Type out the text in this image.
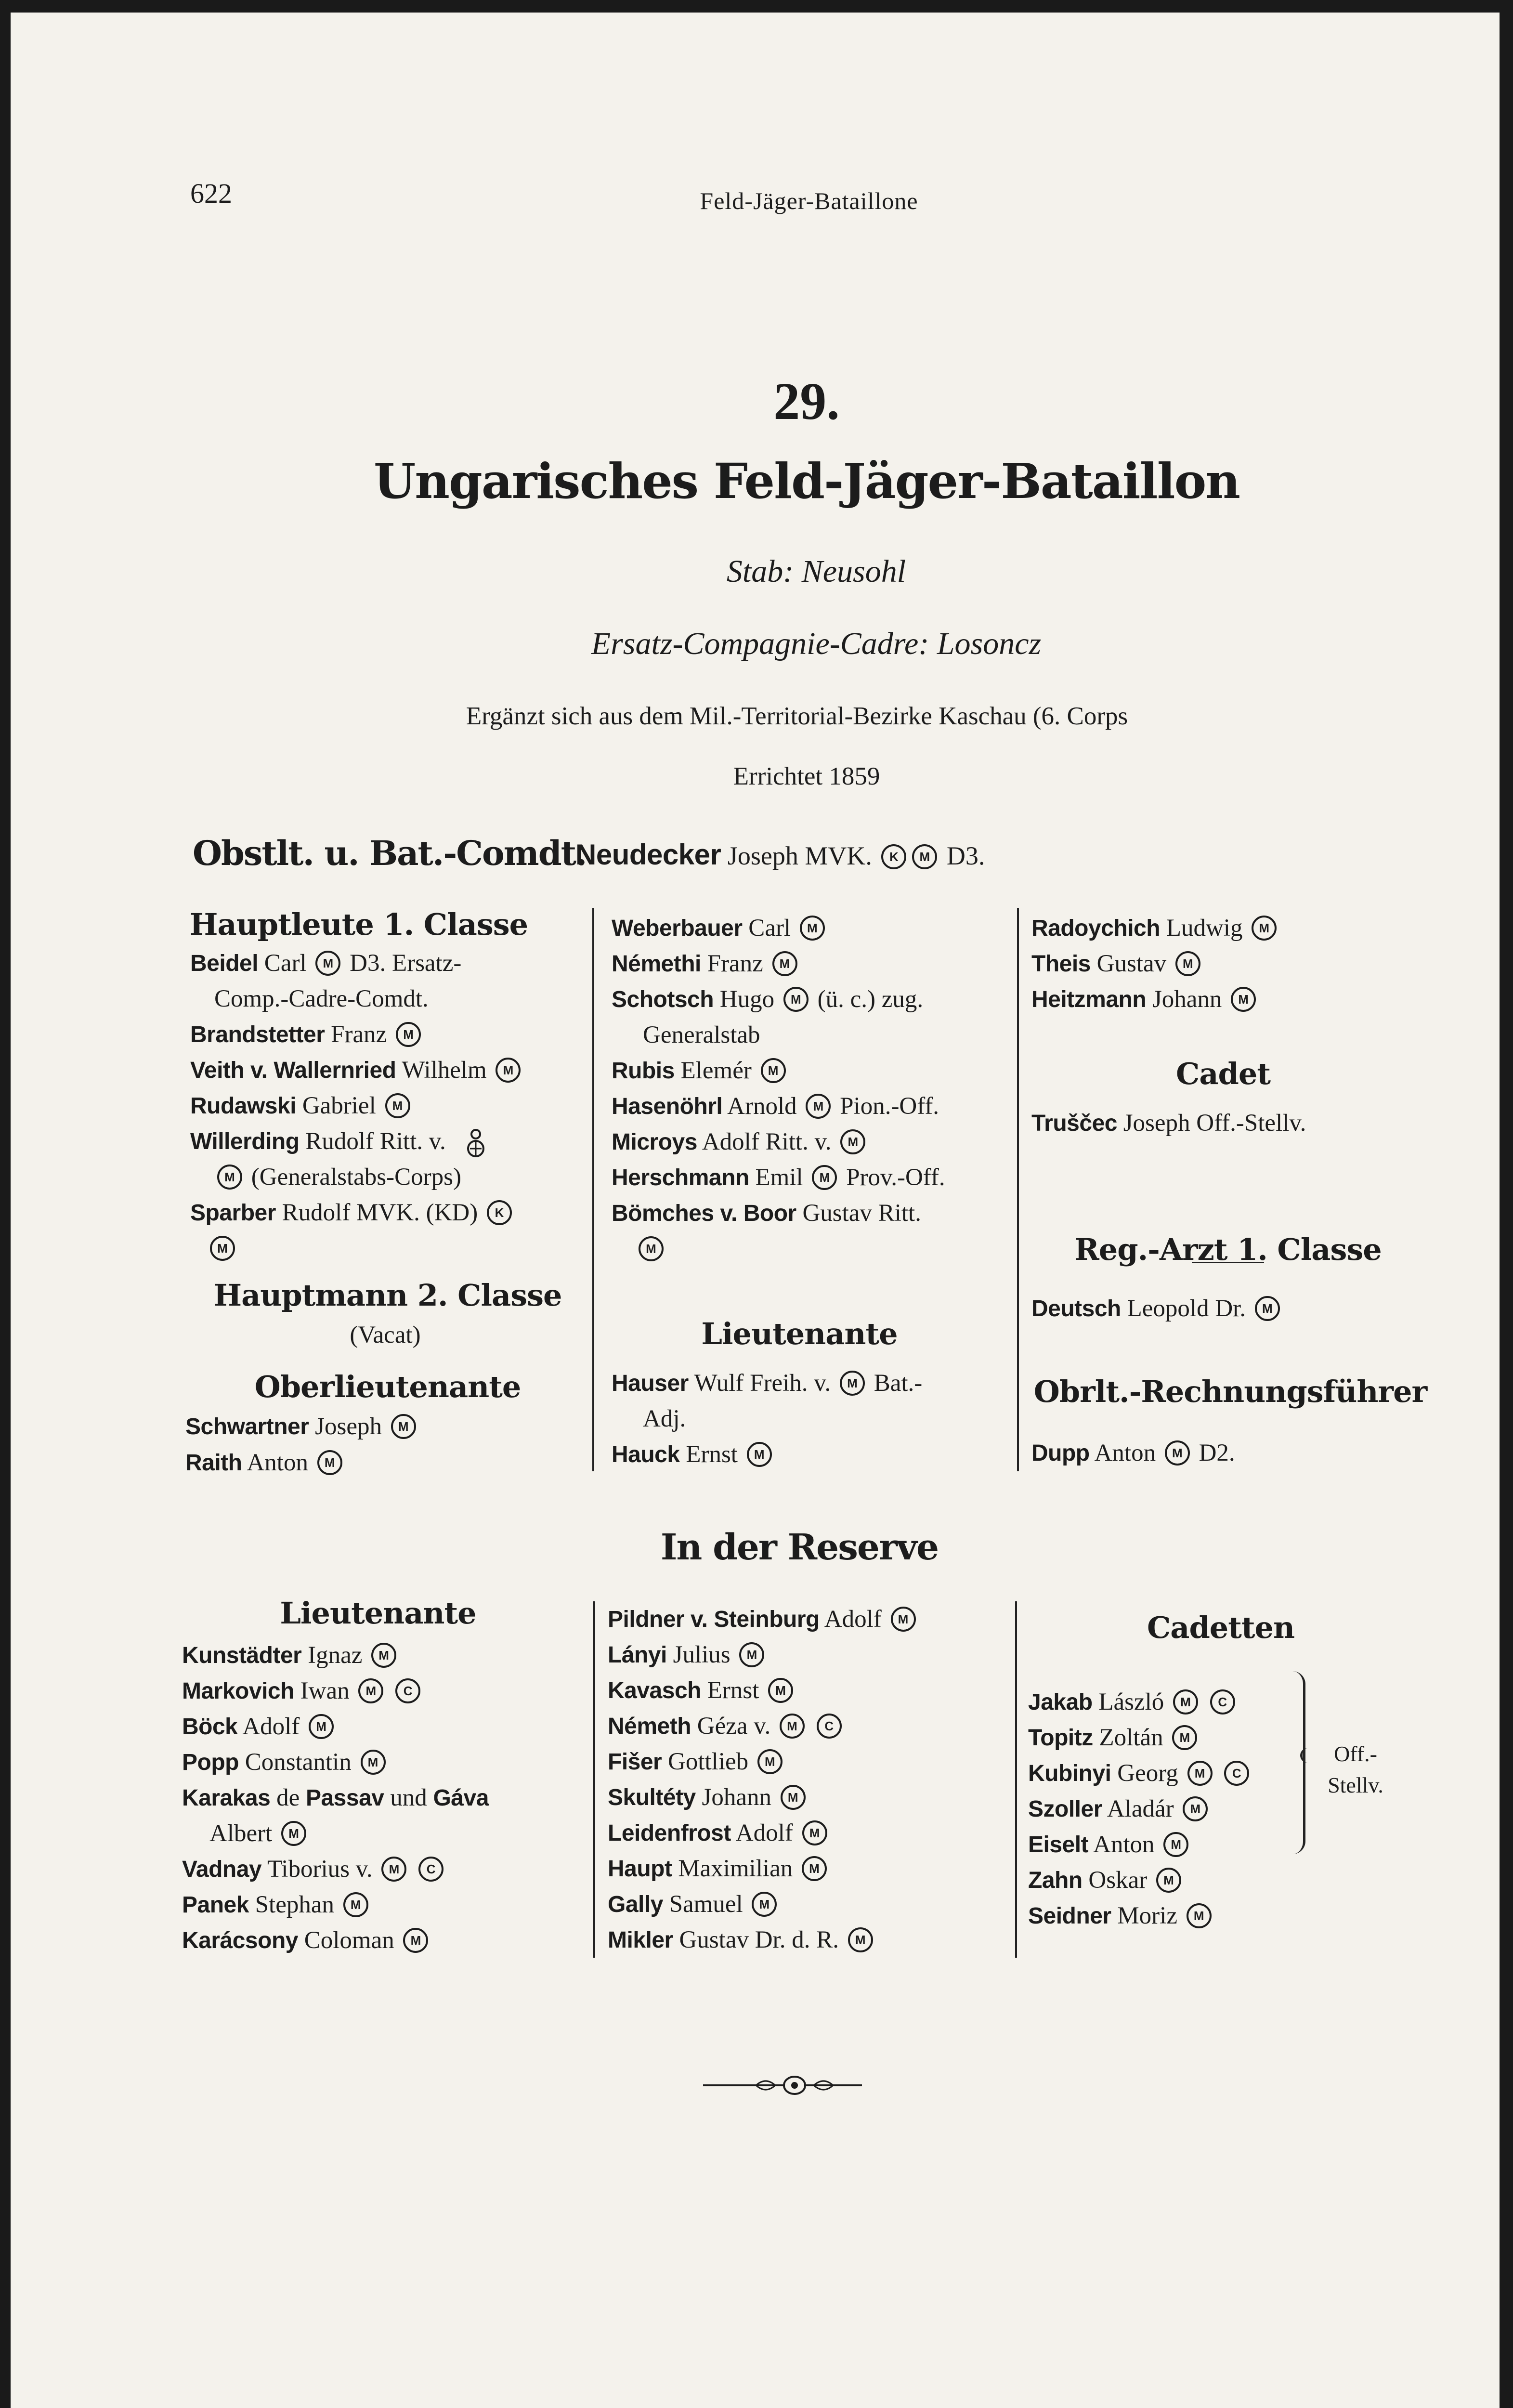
622	Feld-Jäger-Bataillone
29.
Ungarisches Feld-Jäger-Bataillon
Stab: Neusohl
Ersatz-Compagnie-Cadre: Losoncz
Ergänzt sich aus dem Mil.-Territorial-Bezirke Kaschau (6. Corps
Errichtet 1859
Obstlt. u. Bat.-Comdt.
Neudecker Joseph MVK. K M D3.
Hauptleute 1. Classe
Beidel Carl M D3. Ersatz-
Comp.-Cadre-Comdt.
Brandstetter Franz M
Veith v. Wallernried Wilhelm M
Rudawski Gabriel M
Willerding Rudolf Ritt. v.
M (Generalstabs-Corps)
Sparber Rudolf MVK. (KD) K
M
Hauptmann 2. Classe
(Vacat)
Oberlieutenante
Schwartner Joseph M
Raith Anton M
Weberbauer Carl M
Némethi Franz M
Schotsch Hugo M (ü. c.) zug.
Generalstab
Rubis Elemér M
Hasenöhrl Arnold M Pion.-Off.
Microys Adolf Ritt. v. M
Herschmann Emil M Prov.-Off.
Bömches v. Boor Gustav Ritt.
M
Lieutenante
Hauser Wulf Freih. v. M Bat.-
Adj.
Hauck Ernst M
Radoychich Ludwig M
Theis Gustav M
Heitzmann Johann M
Cadet
Truščec Joseph Off.-Stellv.
Reg.-Arzt 1. Classe
Deutsch Leopold Dr. M
Obrlt.-Rechnungsführer
Dupp Anton M D2.
In der Reserve
Lieutenante
Kunstädter Ignaz M
Markovich Iwan M C
Böck Adolf M
Popp Constantin M
Karakas de Passav und Gáva
Albert M
Vadnay Tiborius v. M C
Panek Stephan M
Karácsony Coloman M
Pildner v. Steinburg Adolf M
Lányi Julius M
Kavasch Ernst M
Németh Géza v. M C
Fišer Gottlieb M
Skultéty Johann M
Leidenfrost Adolf M
Haupt Maximilian M
Gally Samuel M
Mikler Gustav Dr. d. R. M
Cadetten
Jakab László M C
Topitz Zoltán M
Kubinyi Georg M C
Szoller Aladár M
Eiselt Anton M
Zahn Oskar M
Seidner Moriz M
Off.-
Stellv.
